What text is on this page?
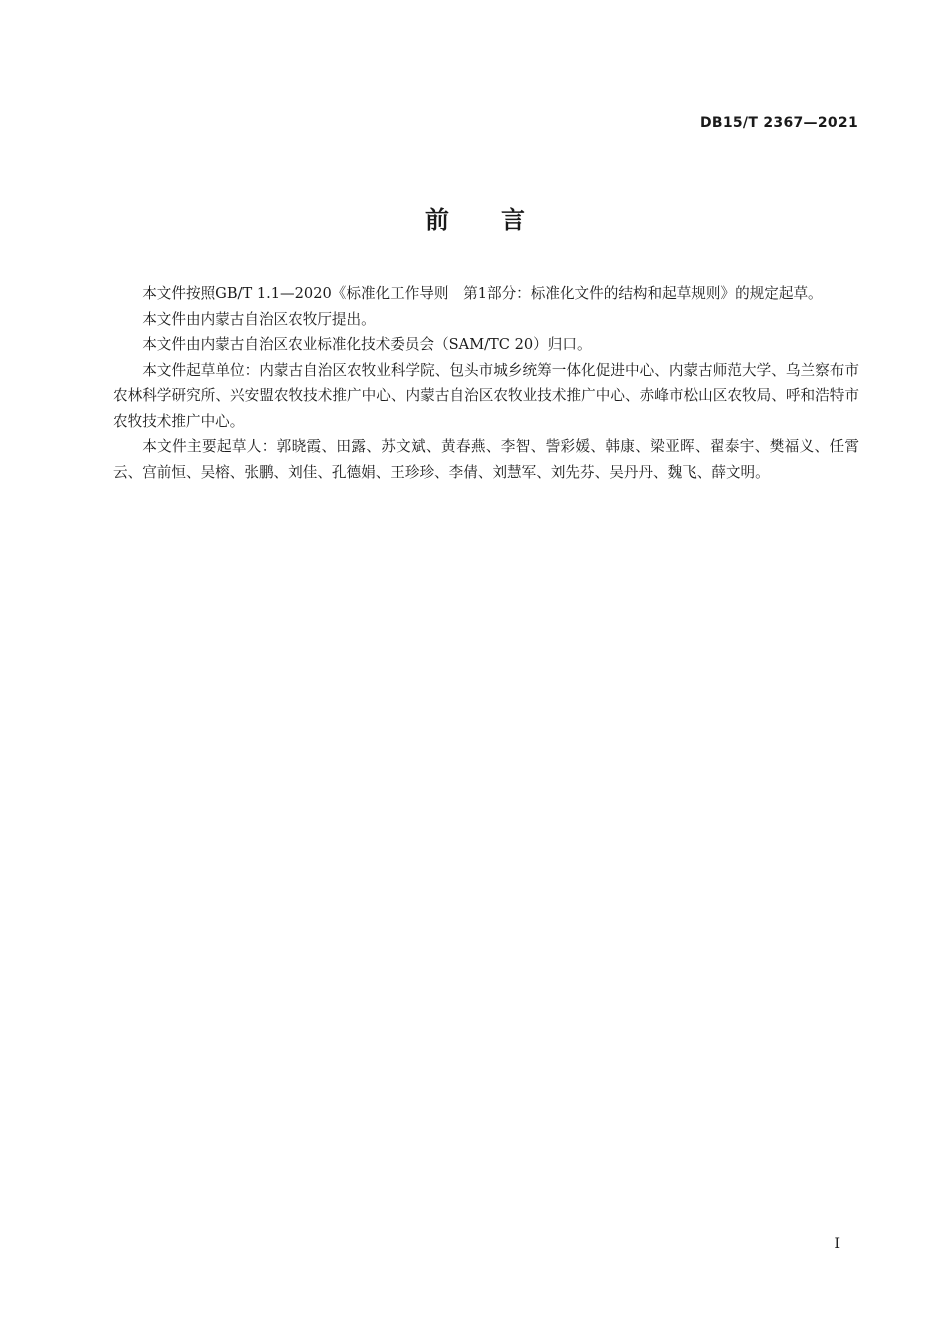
DB15/T 2367—2021
前 言

本文件按照GB/T 1.1—2020《标准化工作导则　第1部分：标准化文件的结构和起草规则》的规定起草。

本文件由内蒙古自治区农牧厅提出。

本文件由内蒙古自治区农业标准化技术委员会（SAM/TC 20）归口。

本文件起草单位：内蒙古自治区农牧业科学院、包头市城乡统筹一体化促进中心、内蒙古师范大学、乌兰察布市农林科学研究所、兴安盟农牧技术推广中心、内蒙古自治区农牧业技术推广中心、赤峰市松山区农牧局、呼和浩特市农牧技术推广中心。

本文件主要起草人：郭晓霞、田露、苏文斌、黄春燕、李智、訾彩媛、韩康、梁亚晖、翟泰宇、樊福义、任霄云、宫前恒、吴榕、张鹏、刘佳、孔德娟、王珍珍、李倩、刘慧军、刘先芬、吴丹丹、魏飞、薛文明。

I
